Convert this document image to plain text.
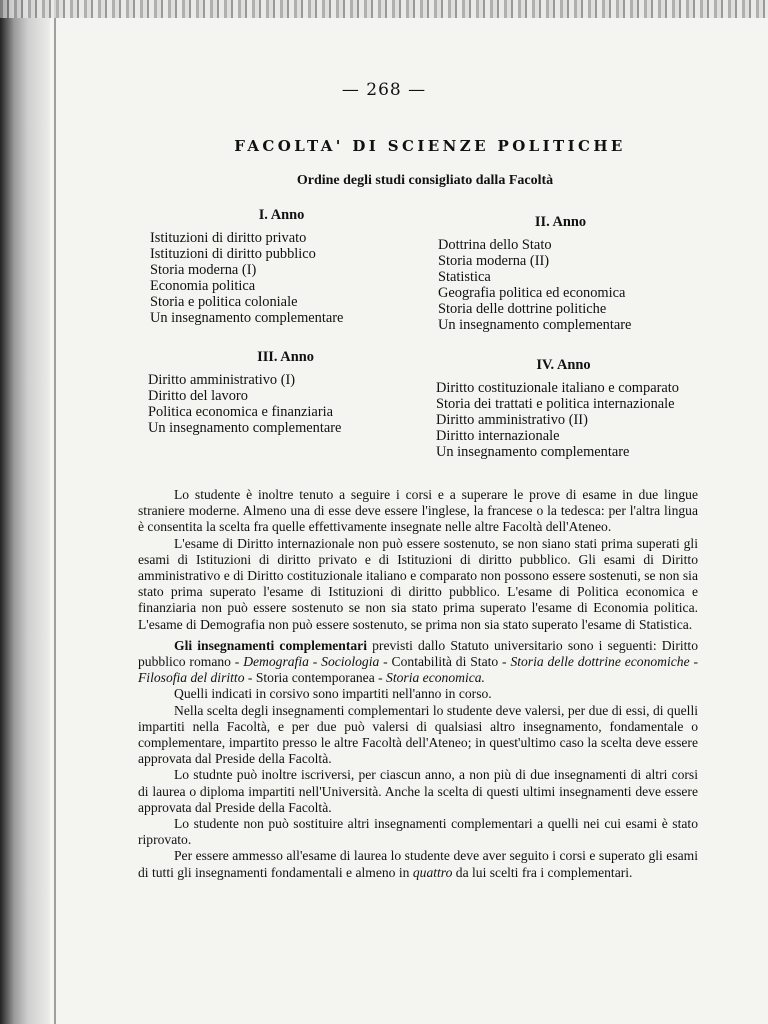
— 268 —
FACOLTA' DI SCIENZE POLITICHE
Ordine degli studi consigliato dalla Facoltà
I. Anno
Istituzioni di diritto privato
Istituzioni di diritto pubblico
Storia moderna (I)
Economia politica
Storia e politica coloniale
Un insegnamento complementare
II. Anno
Dottrina dello Stato
Storia moderna (II)
Statistica
Geografia politica ed economica
Storia delle dottrine politiche
Un insegnamento complementare
III. Anno
Diritto amministrativo (I)
Diritto del lavoro
Politica economica e finanziaria
Un insegnamento complementare
IV. Anno
Diritto costituzionale italiano e comparato
Storia dei trattati e politica internazionale
Diritto amministrativo (II)
Diritto internazionale
Un insegnamento complementare

Lo studente è inoltre tenuto a seguire i corsi e a superare le prove di esame in due lingue straniere moderne. Almeno una di esse deve essere l'inglese, la francese o la tedesca: per l'altra lingua è consentita la scelta fra quelle effettivamente insegnate nelle altre Facoltà dell'Ateneo.

L'esame di Diritto internazionale non può essere sostenuto, se non siano stati prima superati gli esami di Istituzioni di diritto privato e di Istituzioni di diritto pubblico. Gli esami di Diritto amministrativo e di Diritto costituzionale italiano e comparato non possono essere sostenuti, se non sia stato prima superato l'esame di Istituzioni di diritto pubblico. L'esame di Politica economica e finanziaria non può essere sostenuto se non sia stato prima superato l'esame di Economia politica. L'esame di Demografia non può essere sostenuto, se prima non sia stato superato l'esame di Statistica.

Gli insegnamenti complementari previsti dallo Statuto universitario sono i seguenti: Diritto pubblico romano - Demografia - Sociologia - Contabilità di Stato - Storia delle dottrine economiche - Filosofia del diritto - Storia contemporanea - Storia economica.

Quelli indicati in corsivo sono impartiti nell'anno in corso.

Nella scelta degli insegnamenti complementari lo studente deve valersi, per due di essi, di quelli impartiti nella Facoltà, e per due può valersi di qualsiasi altro insegnamento, fondamentale o complementare, impartito presso le altre Facoltà dell'Ateneo; in quest'ultimo caso la scelta deve essere approvata dal Preside della Facoltà.

Lo studnte può inoltre iscriversi, per ciascun anno, a non più di due insegnamenti di altri corsi di laurea o diploma impartiti nell'Università. Anche la scelta di questi ultimi insegnamenti deve essere approvata dal Preside della Facoltà.

Lo studente non può sostituire altri insegnamenti complementari a quelli nei cui esami è stato riprovato.

Per essere ammesso all'esame di laurea lo studente deve aver seguito i corsi e superato gli esami di tutti gli insegnamenti fondamentali e almeno in quattro da lui scelti fra i complementari.
